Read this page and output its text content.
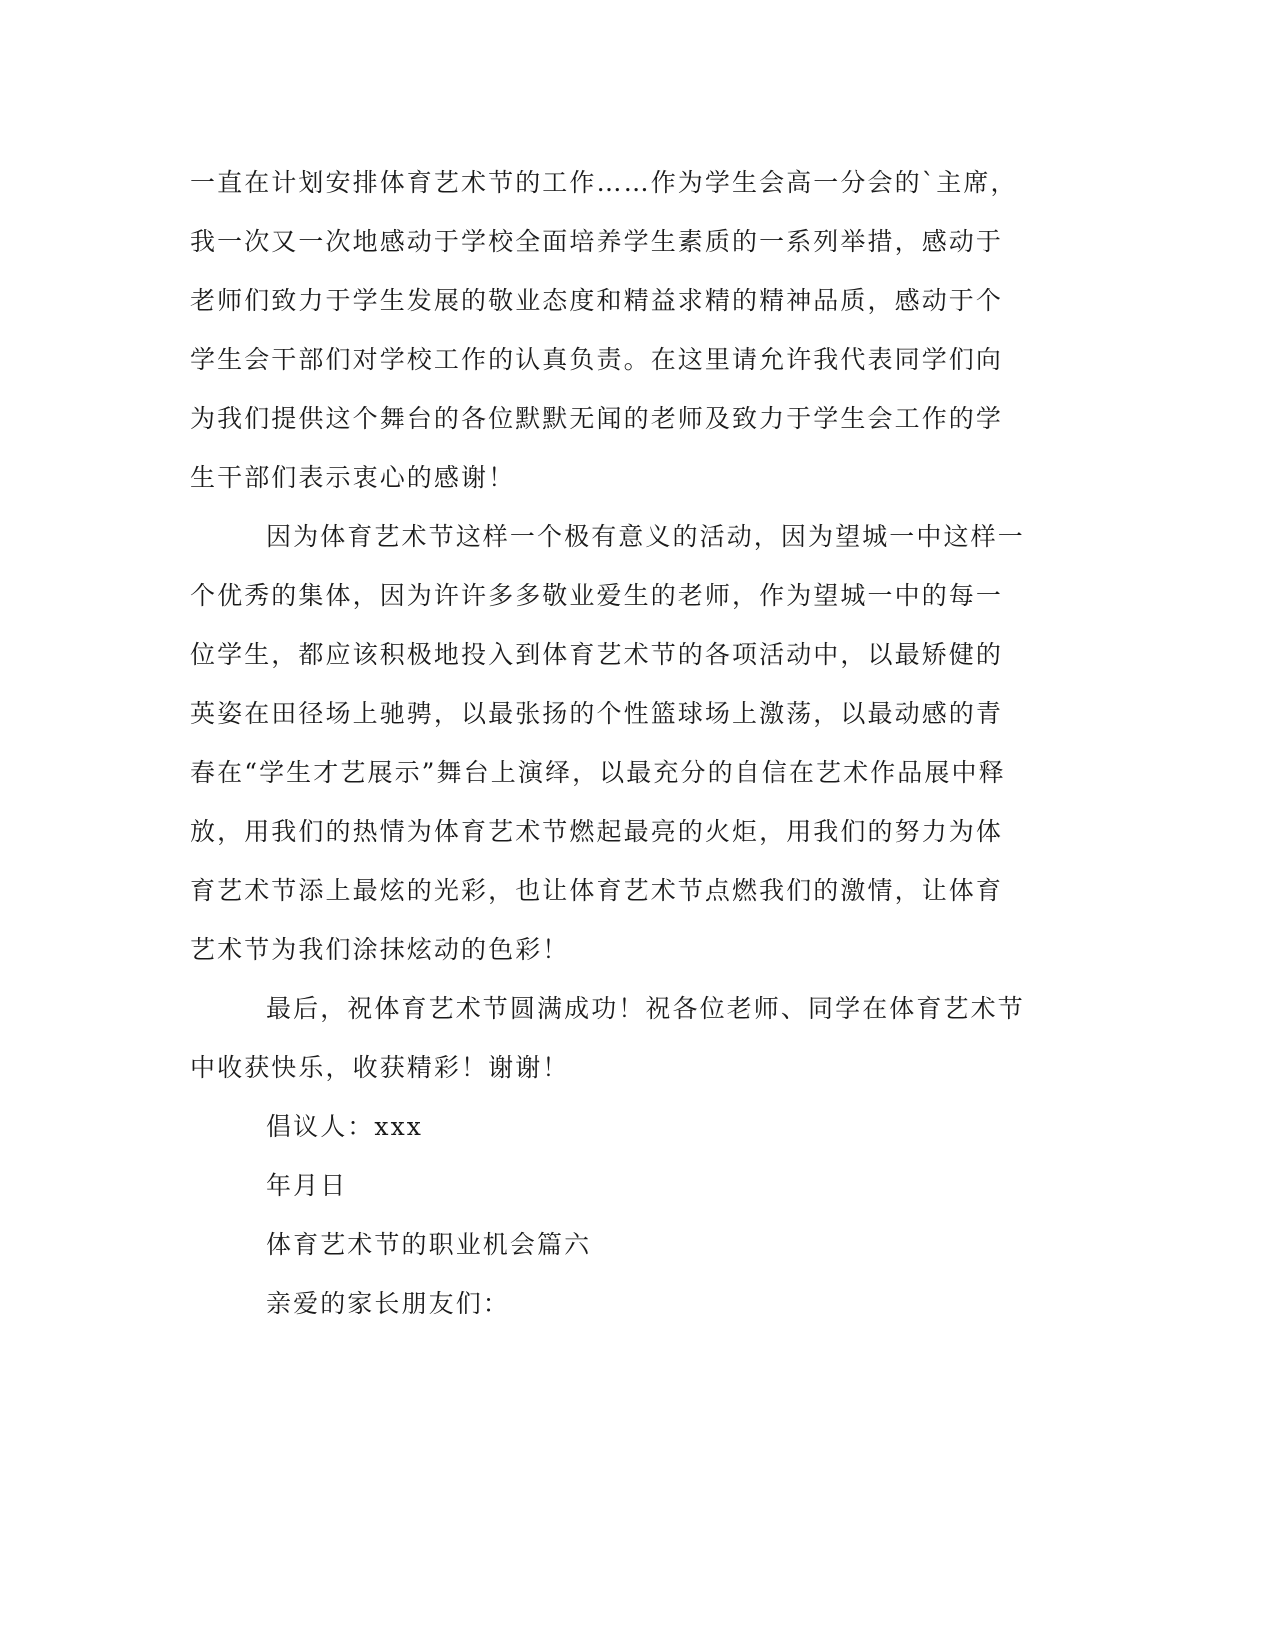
一直在计划安排体育艺术节的工作……作为学生会高一分会的`主席，
我一次又一次地感动于学校全面培养学生素质的一系列举措，感动于
老师们致力于学生发展的敬业态度和精益求精的精神品质，感动于个
学生会干部们对学校工作的认真负责。在这里请允许我代表同学们向
为我们提供这个舞台的各位默默无闻的老师及致力于学生会工作的学
生干部们表示衷心的感谢！
因为体育艺术节这样一个极有意义的活动，因为望城一中这样一
个优秀的集体，因为许许多多敬业爱生的老师，作为望城一中的每一
位学生，都应该积极地投入到体育艺术节的各项活动中，以最矫健的
英姿在田径场上驰骋，以最张扬的个性篮球场上激荡，以最动感的青
春在“学生才艺展示”舞台上演绎，以最充分的自信在艺术作品展中释
放，用我们的热情为体育艺术节燃起最亮的火炬，用我们的努力为体
育艺术节添上最炫的光彩，也让体育艺术节点燃我们的激情，让体育
艺术节为我们涂抹炫动的色彩！
最后，祝体育艺术节圆满成功！祝各位老师、同学在体育艺术节
中收获快乐，收获精彩！谢谢！
倡议人：xxx
年月日
体育艺术节的职业机会篇六
亲爱的家长朋友们：
